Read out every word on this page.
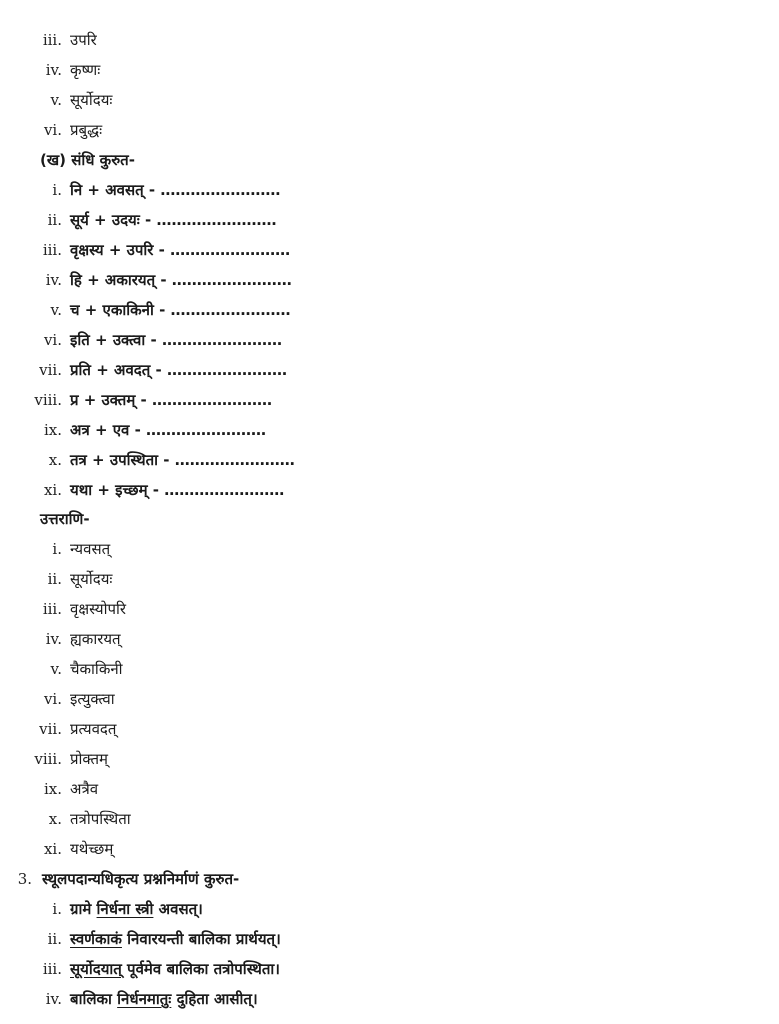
iii. उपरि
iv. कृष्णः
v. सूर्योदयः
vi. प्रबुद्धः
(ख) संधि कुरुत-
i. नि + अवसत् - ……………………
ii. सूर्य + उदयः - ……………………
iii. वृक्षस्य + उपरि - ……………………
iv. हि + अकारयत् - ……………………
v. च + एकाकिनी - ……………………
vi. इति + उक्त्वा - ……………………
vii. प्रति + अवदत् - ……………………
viii. प्र + उक्तम् - ……………………
ix. अत्र + एव - ……………………
x. तत्र + उपस्थिता - ……………………
xi. यथा + इच्छम् - ……………………
उत्तराणि-
i. न्यवसत्
ii. सूर्योदयः
iii. वृक्षस्योपरि
iv. ह्यकारयत्
v. चैकाकिनी
vi. इत्युक्त्वा
vii. प्रत्यवदत्
viii. प्रोक्तम्
ix. अत्रैव
x. तत्रोपस्थिता
xi. यथेच्छम्
3. स्थूलपदान्यधिकृत्य प्रश्ननिर्माणं कुरुत-
i. ग्रामे निर्धना स्त्री अवसत्।
ii. स्वर्णकाकं निवारयन्ती बालिका प्रार्थयत्।
iii. सूर्योदयात् पूर्वमेव बालिका तत्रोपस्थिता।
iv. बालिका निर्धनमातुः दुहिता आसीत्।
